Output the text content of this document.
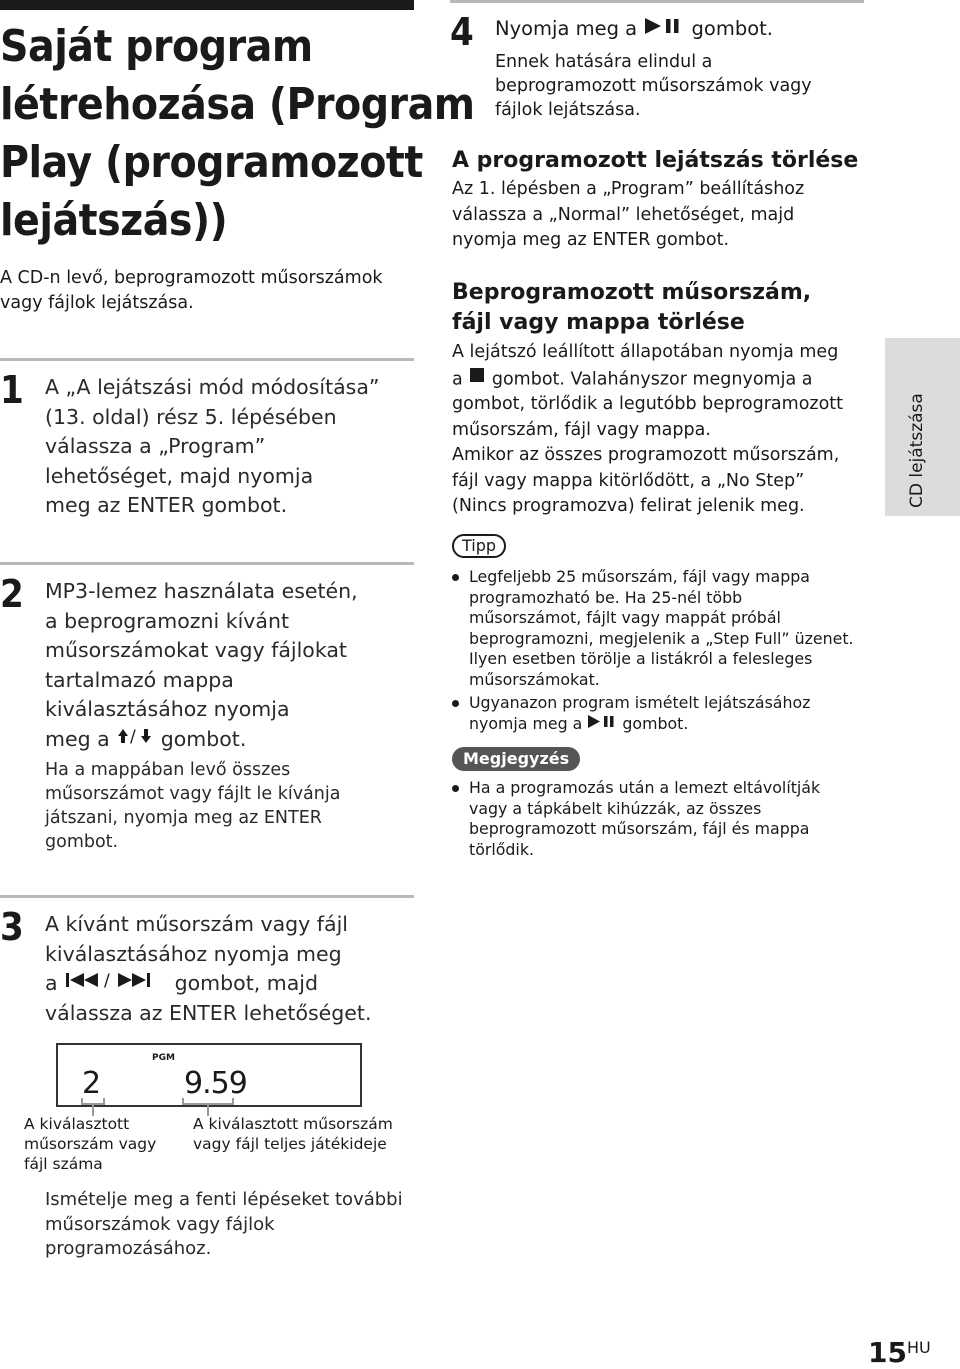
Saját program
létrehozása (Program
Play (programozott
lejátszás))
A CD-n levő, beprogramozott műsorszámok
vagy fájlok lejátszása.
1 A „A lejátszási mód módosítása”
(13. oldal) rész 5. lépésében
válassza a „Program”
lehetőséget, majd nyomja
meg az ENTER gombot.
2 MP3-lemez használata esetén,
a beprogramozni kívánt
műsorszámokat vagy fájlokat
tartalmazó mappa
kiválasztásához nyomja
meg a / gombot.
Ha a mappában levő összes
műsorszámot vagy fájlt le kívánja
játszani, nyomja meg az ENTER
gombot.
3 A kívánt műsorszám vagy fájl
kiválasztásához nyomja meg
a /	gombot, majd
válassza az ENTER lehetőséget.
PGM
2	9.59
A kiválasztott
műsorszám vagy
fájl száma
A kiválasztott műsorszám
vagy fájl teljes játékideje
Ismételje meg a fenti lépéseket további
műsorszámok vagy fájlok
programozásához.
4 Nyomja meg a  gombot.
Ennek hatására elindul a
beprogramozott műsorszámok vagy
fájlok lejátszása.
A programozott lejátszás törlése
Az 1. lépésben a „Program” beállításhoz
válassza a „Normal” lehetőséget, majd
nyomja meg az ENTER gombot.
Beprogramozott műsorszám,
fájl vagy mappa törlése
A lejátszó leállított állapotában nyomja meg
a  gombot. Valahányszor megnyomja a
gombot, törlődik a legutóbb beprogramozott
műsorszám, fájl vagy mappa.
Amikor az összes programozott műsorszám,
fájl vagy mappa kitörlődött, a „No Step”
(Nincs programozva) felirat jelenik meg.
Tipp
Legfeljebb 25 műsorszám, fájl vagy mappa
programozható be. Ha 25-nél több
műsorszámot, fájlt vagy mappát próbál
beprogramozni, megjelenik a „Step Full” üzenet.
Ilyen esetben törölje a listákról a felesleges
műsorszámokat.
Ugyanazon program ismételt lejátszásához
nyomja meg a  gombot.
Megjegyzés
Ha a programozás után a lemezt eltávolítják
vagy a tápkábelt kihúzzák, az összes
beprogramozott műsorszám, fájl és mappa
törlődik.
CD lejátszása
$15^{HU}$
